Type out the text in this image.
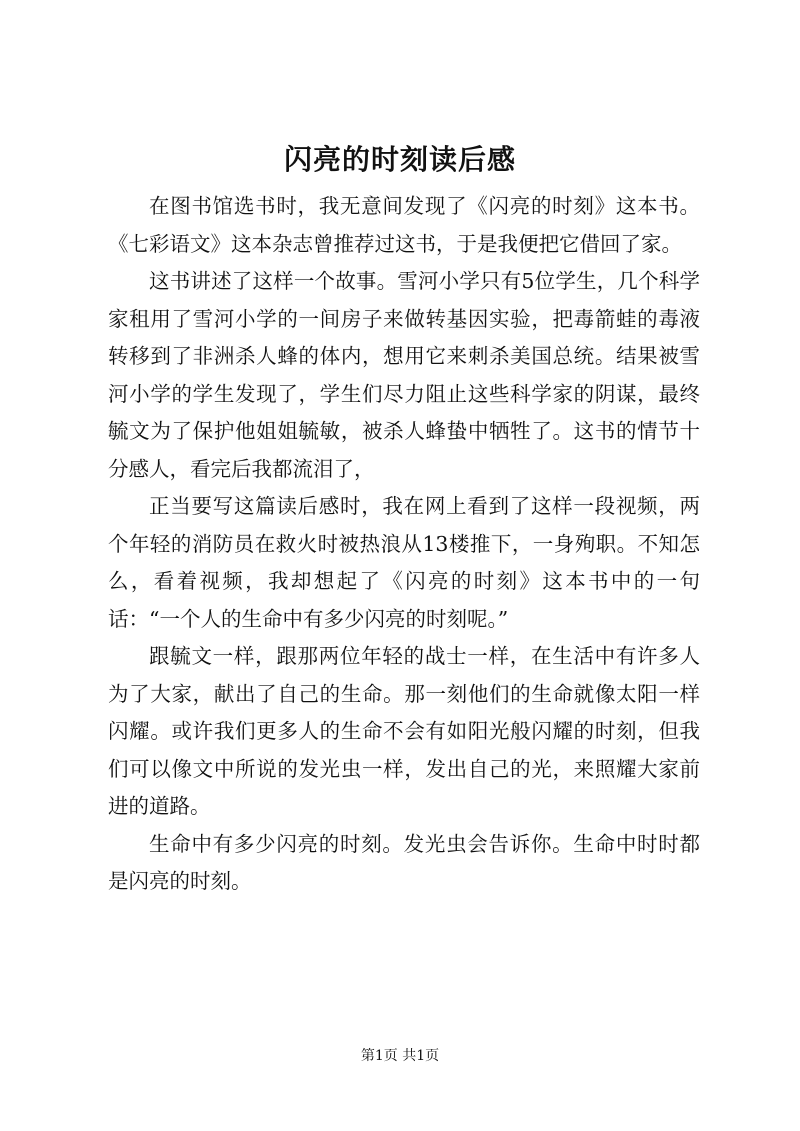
闪亮的时刻读后感

在图书馆选书时，我无意间发现了《闪亮的时刻》这本书。《七彩语文》这本杂志曾推荐过这书，于是我便把它借回了家。

这书讲述了这样一个故事。雪河小学只有5位学生，几个科学家租用了雪河小学的一间房子来做转基因实验，把毒箭蛙的毒液转移到了非洲杀人蜂的体内，想用它来刺杀美国总统。结果被雪河小学的学生发现了，学生们尽力阻止这些科学家的阴谋，最终毓文为了保护他姐姐毓敏，被杀人蜂蛰中牺牲了。这书的情节十分感人，看完后我都流泪了，

正当要写这篇读后感时，我在网上看到了这样一段视频，两个年轻的消防员在救火时被热浪从13楼推下，一身殉职。不知怎么，看着视频，我却想起了《闪亮的时刻》这本书中的一句话：“一个人的生命中有多少闪亮的时刻呢。”

跟毓文一样，跟那两位年轻的战士一样，在生活中有许多人为了大家，献出了自己的生命。那一刻他们的生命就像太阳一样闪耀。或许我们更多人的生命不会有如阳光般闪耀的时刻，但我们可以像文中所说的发光虫一样，发出自己的光，来照耀大家前进的道路。

生命中有多少闪亮的时刻。发光虫会告诉你。生命中时时都是闪亮的时刻。

第1页 共1页
